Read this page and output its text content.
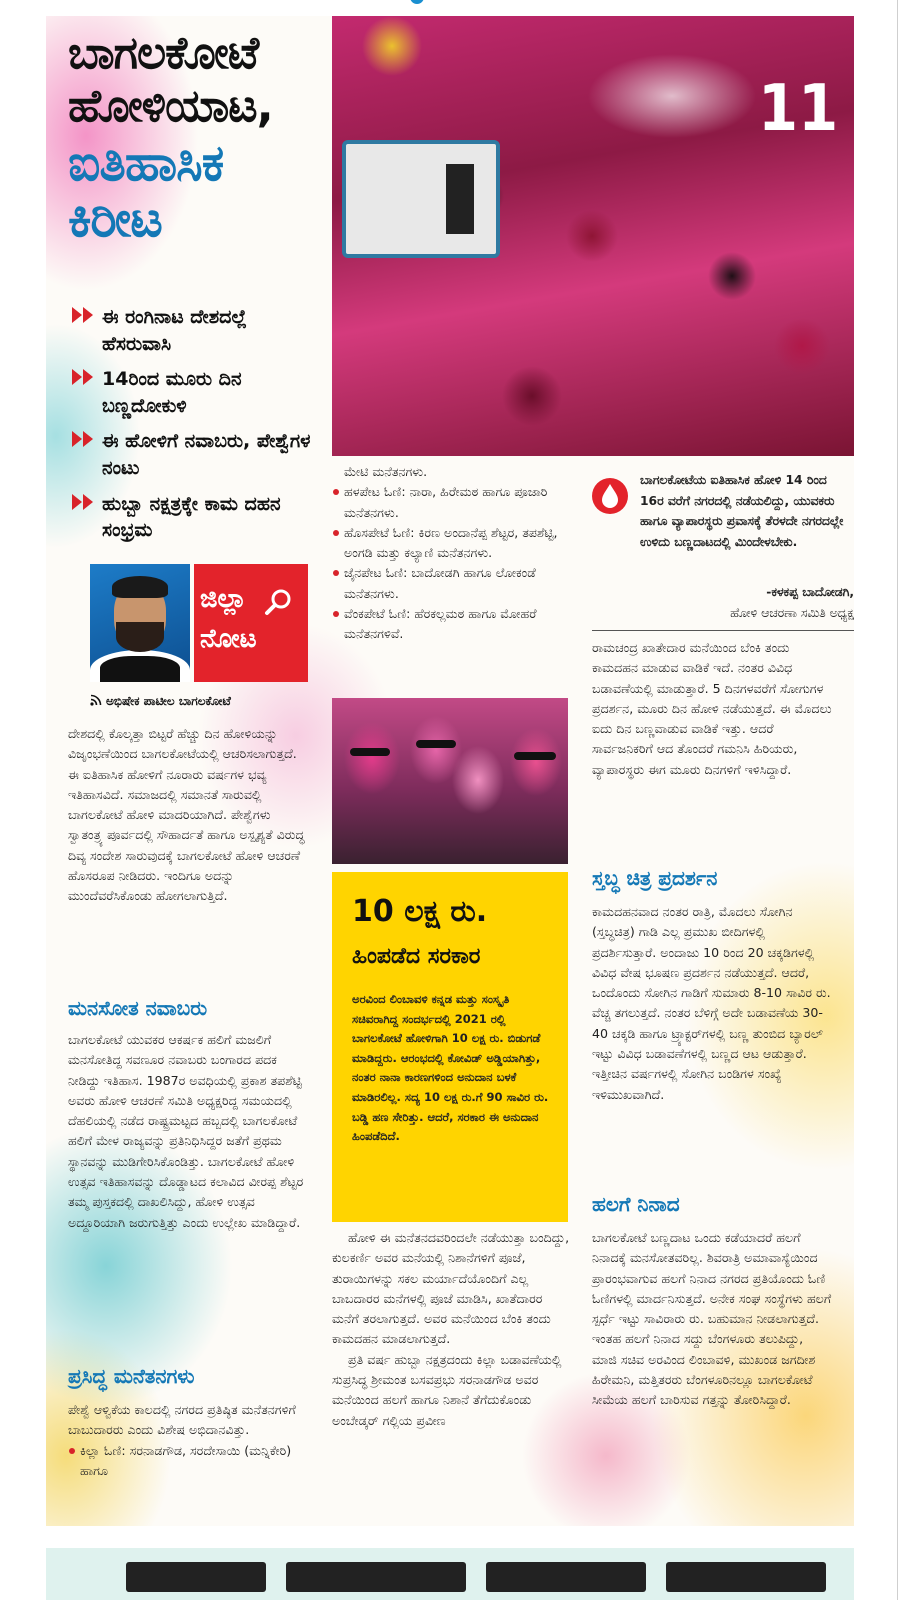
ಬಾಗಲಕೋಟೆ
ಹೋಳಿಯಾಟ,
ಐತಿಹಾಸಿಕ
ಕಿರೀಟ
ಈ ರಂಗಿನಾಟ ದೇಶದಲ್ಲೆ ಹೆಸರುವಾಸಿ
14ರಿಂದ ಮೂರು ದಿನ ಬಣ್ಣದೋಕುಳಿ
ಈ ಹೋಳಿಗೆ ನವಾಬರು, ಪೇಶ್ವೆಗಳ ನಂಟು
ಹುಬ್ಬಾ ನಕ್ಷತ್ರಕ್ಕೇ ಕಾಮ ದಹನ ಸಂಭ್ರಮ
ಜಿಲ್ಲಾ
ನೋಟ
ಅಭಿಷೇಕ ಪಾಟೀಲ ಬಾಗಲಕೋಟೆ

ದೇಶದಲ್ಲಿ ಕೊಲ್ಕತ್ತಾ ಬಿಟ್ಟರೆ ಹೆಚ್ಚು ದಿನ ಹೋಳಿಯನ್ನು ವಿಜೃಂಭಣೆಯಿಂದ ಬಾಗಲಕೋಟೆಯಲ್ಲಿ ಆಚರಿಸಲಾಗುತ್ತದೆ. ಈ ಐತಿಹಾಸಿಕ ಹೋಳಿಗೆ ನೂರಾರು ವರ್ಷಗಳ ಭವ್ಯ ಇತಿಹಾಸವಿದೆ. ಸಮಾಜದಲ್ಲಿ ಸಮಾನತೆ ಸಾರುವಲ್ಲಿ ಬಾಗಲಕೋಟೆ ಹೋಳಿ ಮಾದರಿಯಾಗಿದೆ. ಪೇಶ್ವೆಗಳು ಸ್ವಾತಂತ್ರ್ಯ ಪೂರ್ವದಲ್ಲಿ ಸೌಹಾರ್ದತೆ ಹಾಗೂ ಅಸ್ಪೃಶ್ಯತೆ ವಿರುದ್ಧ ದಿವ್ಯ ಸಂದೇಶ ಸಾರುವುದಕ್ಕೆ ಬಾಗಲಕೋಟೆ ಹೋಳಿ ಆಚರಣೆ ಹೊಸರೂಪ ನೀಡಿದರು. ಇಂದಿಗೂ ಅದನ್ನು ಮುಂದೆವರೆಸಿಕೊಂಡು ಹೋಗಲಾಗುತ್ತಿದೆ.

ಮನಸೋತ ನವಾಬರು

ಬಾಗಲಕೋಟೆ ಯುವಕರ ಆಕರ್ಷಕ ಹಲಿಗೆ ಮಜಲಿಗೆ ಮನಸೋತಿದ್ದ ಸವಣೂರ ನವಾಬರು ಬಂಗಾರದ ಪದಕ ನೀಡಿದ್ದು ಇತಿಹಾಸ. 1987ರ ಅವಧಿಯಲ್ಲಿ ಪ್ರಕಾಶ ತಪಶೆಟ್ಟಿ ಅವರು ಹೋಳಿ ಆಚರಣೆ ಸಮಿತಿ ಅಧ್ಯಕ್ಷರಿದ್ದ ಸಮಯದಲ್ಲಿ ದೆಹಲಿಯಲ್ಲಿ ನಡೆದ ರಾಷ್ಟ್ರಮಟ್ಟದ ಹಬ್ಬದಲ್ಲಿ ಬಾಗಲಕೋಟೆ ಹಲಿಗೆ ಮೇಳ ರಾಜ್ಯವನ್ನು ಪ್ರತಿನಿಧಿಸಿದ್ದರ ಜತೆಗೆ ಪ್ರಥಮ ಸ್ಥಾನವನ್ನು ಮುಡಿಗೇರಿಸಿಕೊಂಡಿತ್ತು. ಬಾಗಲಕೋಟೆ ಹೋಳಿ ಉತ್ಸವ ಇತಿಹಾಸವನ್ನು ದೊಡ್ಡಾಟದ ಕಲಾವಿದ ವೀರಪ್ಪ ಶೆಟ್ಟರ ತಮ್ಮ ಪುಸ್ತಕದಲ್ಲಿ ದಾಖಲಿಸಿದ್ದು, ಹೋಳಿ ಉತ್ಸವ ಅದ್ದೂರಿಯಾಗಿ ಜರುಗುತ್ತಿತ್ತು ಎಂದು ಉಲ್ಲೇಖ ಮಾಡಿದ್ದಾರೆ.

ಪ್ರಸಿದ್ಧ ಮನೆತನಗಳು

ಪೇಶ್ವೆ ಆಳ್ವಿಕೆಯ ಕಾಲದಲ್ಲಿ ನಗರದ ಪ್ರತಿಷ್ಠಿತ ಮನೆತನಗಳಿಗೆ ಬಾಬುದಾರರು ಎಂದು ವಿಶೇಷ ಅಭಿದಾನವಿತ್ತು.

ಕಿಲ್ಲಾ ಓಣಿ: ಸರನಾಡಗೌಡ, ಸರದೇಸಾಯಿ (ಮನ್ನಿಕೇರಿ) ಹಾಗೂ

11

ಮೇಟಿ ಮನೆತನಗಳು.

ಹಳಪೇಟ ಓಣಿ: ನಾರಾ, ಹಿರೇಮಠ ಹಾಗೂ ಪೂಜಾರಿ ಮನೆತನಗಳು.

ಹೊಸಪೇಟೆ ಓಣಿ: ಕಿರಣ ಅಂದಾನೆಪ್ಪ ಶೆಟ್ಟರ, ತಪಶೆಟ್ಟಿ, ಅಂಗಡಿ ಮತ್ತು ಕಲ್ಯಾಣಿ ಮನೆತನಗಳು.

ಜೈನಪೇಟ ಓಣಿ: ಬಾದೋಡಗಿ ಹಾಗೂ ಲೋಕಂಡೆ ಮನೆತನಗಳು.

ವೆಂಕಪೇಟೆ ಓಣಿ: ಹೆರಕಲ್ಲಮಠ ಹಾಗೂ ಮೋಹರೆ ಮನೆತನಗಳಿವೆ.

10 ಲಕ್ಷ ರು.
ಹಿಂಪಡೆದ ಸರಕಾರ

ಅರವಿಂದ ಲಿಂಬಾವಳಿ ಕನ್ನಡ ಮತ್ತು ಸಂಸ್ಕೃತಿ ಸಚಿವರಾಗಿದ್ದ ಸಂದರ್ಭದಲ್ಲಿ 2021 ರಲ್ಲಿ ಬಾಗಲಕೋಟೆ ಹೋಳಿಗಾಗಿ 10 ಲಕ್ಷ ರು. ಬಿಡುಗಡೆ ಮಾಡಿದ್ದರು. ಆರಂಭದಲ್ಲಿ ಕೋವಿಡ್ ಅಡ್ಡಿಯಾಗಿತ್ತು, ನಂತರ ನಾನಾ ಕಾರಣಗಳಿಂದ ಅನುದಾನ ಬಳಕೆ ಮಾಡಿರಲಿಲ್ಲ. ಸದ್ಯ 10 ಲಕ್ಷ ರು.ಗೆ 90 ಸಾವಿರ ರು. ಬಡ್ಡಿ ಹಣ ಸೇರಿತ್ತು. ಆದರೆ, ಸರಕಾರ ಈ ಅನುದಾನ ಹಿಂಪಡೆದಿದೆ.

ಹೋಳಿ ಈ ಮನೆತನದವರಿಂದಲೇ ನಡೆಯುತ್ತಾ ಬಂದಿದ್ದು, ಕುಲಕರ್ಣಿ ಅವರ ಮನೆಯಲ್ಲಿ ನಿಶಾನೆಗಳಿಗೆ ಪೂಜೆ, ತುರಾಯಿಗಳನ್ನು ಸಕಲ ಮರ್ಯಾದೆಯೊಂದಿಗೆ ಎಲ್ಲ ಬಾಬದಾರರ ಮನೆಗಳಲ್ಲಿ ಪೂಜೆ ಮಾಡಿಸಿ, ಖಾತೆದಾರರ ಮನೆಗೆ ತರಲಾಗುತ್ತದೆ. ಅವರ ಮನೆಯಿಂದ ಬೆಂಕಿ ತಂದು ಕಾಮದಹನ ಮಾಡಲಾಗುತ್ತದೆ.

ಪ್ರತಿ ವರ್ಷ ಹುಬ್ಬಾ ನಕ್ಷತ್ರದಂದು ಕಿಲ್ಲಾ ಬಡಾವಣೆಯಲ್ಲಿ ಸುಪ್ರಸಿದ್ಧ ಶ್ರೀಮಂತ ಬಸವಪ್ರಭು ಸರನಾಡಗೌಡ ಅವರ ಮನೆಯಿಂದ ಹಲಗೆ ಹಾಗೂ ನಿಶಾನೆ ತೆಗೆದುಕೊಂಡು ಅಂಬೇಡ್ಕರ್ ಗಲ್ಲಿಯ ಪ್ರವೀಣ

ಬಾಗಲಕೋಟೆಯ ಐತಿಹಾಸಿಕ ಹೋಳಿ 14 ರಿಂದ 16ರ ವರೆಗೆ ನಗರದಲ್ಲಿ ನಡೆಯಲಿದ್ದು, ಯುವಕರು ಹಾಗೂ ವ್ಯಾಪಾರಸ್ಥರು ಪ್ರವಾಸಕ್ಕೆ ತೆರಳದೇ ನಗರದಲ್ಲೇ ಉಳಿದು ಬಣ್ಣದಾಟದಲ್ಲಿ ಮಿಂದೇಳಬೇಕು.
-ಕಳಕಪ್ಪ ಬಾದೋಡಗಿ,
ಹೋಳಿ ಆಚರಣಾ ಸಮಿತಿ ಅಧ್ಯಕ್ಷ

ರಾಮಚಂದ್ರ ಖಾತೇದಾರ ಮನೆಯಿಂದ ಬೆಂಕಿ ತಂದು ಕಾಮದಹನ ಮಾಡುವ ವಾಡಿಕೆ ಇದೆ. ನಂತರ ವಿವಿಧ ಬಡಾವಣೆಯಲ್ಲಿ ಮಾಡುತ್ತಾರೆ. 5 ದಿನಗಳವರೆಗೆ ಸೋಗುಗಳ ಪ್ರದರ್ಶನ, ಮೂರು ದಿನ ಹೋಳಿ ನಡೆಯುತ್ತದೆ. ಈ ಮೊದಲು ಐದು ದಿನ ಬಣ್ಣವಾಡುವ ವಾಡಿಕೆ ಇತ್ತು. ಆದರೆ ಸಾರ್ವಜನಿಕರಿಗೆ ಆದ ತೊಂದರೆ ಗಮನಿಸಿ ಹಿರಿಯರು, ವ್ಯಾಪಾರಸ್ಥರು ಈಗ ಮೂರು ದಿನಗಳಿಗೆ ಇಳಿಸಿದ್ದಾರೆ.

ಸ್ತಬ್ಧ ಚಿತ್ರ ಪ್ರದರ್ಶನ

ಕಾಮದಹನವಾದ ನಂತರ ರಾತ್ರಿ, ಮೊದಲು ಸೋಗಿನ (ಸ್ತಬ್ಧಚಿತ್ರ) ಗಾಡಿ ಎಲ್ಲ ಪ್ರಮುಖ ಬೀದಿಗಳಲ್ಲಿ ಪ್ರದರ್ಶಿಸುತ್ತಾರೆ. ಅಂದಾಜು 10 ರಿಂದ 20 ಚಕ್ಕಡಿಗಳಲ್ಲಿ ವಿವಿಧ ವೇಷ ಭೂಷಣ ಪ್ರದರ್ಶನ ನಡೆಯುತ್ತದೆ. ಆದರೆ, ಒಂದೊಂದು ಸೋಗಿನ ಗಾಡಿಗೆ ಸುಮಾರು 8-10 ಸಾವಿರ ರು. ವೆಚ್ಚ ತಗಲುತ್ತದೆ. ನಂತರ ಬೆಳಿಗ್ಗೆ ಅದೇ ಬಡಾವಣೆಯ 30-40 ಚಕ್ಕಡಿ ಹಾಗೂ ಟ್ರ್ಯಾಕ್ಟರ್‌ಗಳಲ್ಲಿ ಬಣ್ಣ ತುಂಬಿದ ಬ್ಯಾರಲ್ ಇಟ್ಟು ವಿವಿಧ ಬಡಾವಣೆಗಳಲ್ಲಿ ಬಣ್ಣದ ಆಟ ಆಡುತ್ತಾರೆ. ಇತ್ತೀಚಿನ ವರ್ಷಗಳಲ್ಲಿ ಸೋಗಿನ ಬಂಡಿಗಳ ಸಂಖ್ಯೆ ಇಳಿಮುಖವಾಗಿದೆ.

ಹಲಗೆ ನಿನಾದ

ಬಾಗಲಕೋಟೆ ಬಣ್ಣದಾಟ ಒಂದು ಕಡೆಯಾದರೆ ಹಲಗೆ ನಿನಾದಕ್ಕೆ ಮನಸೋತವರಿಲ್ಲ. ಶಿವರಾತ್ರಿ ಅಮಾವಾಸ್ಯೆಯಿಂದ ಪ್ರಾರಂಭವಾಗುವ ಹಲಗೆ ನಿನಾದ ನಗರದ ಪ್ರತಿಯೊಂದು ಓಣಿ ಓಣಿಗಳಲ್ಲಿ ಮಾರ್ದನಿಸುತ್ತದೆ. ಅನೇಕ ಸಂಘ ಸಂಸ್ಥೆಗಳು ಹಲಗೆ ಸ್ಪರ್ಧೆ ಇಟ್ಟು ಸಾವಿರಾರು ರು. ಬಹುಮಾನ ನೀಡಲಾಗುತ್ತದೆ. ಇಂತಹ ಹಲಗೆ ನಿನಾದ ಸದ್ದು ಬೆಂಗಳೂರು ತಲುಪಿದ್ದು, ಮಾಜಿ ಸಚಿವ ಅರವಿಂದ ಲಿಂಬಾವಳಿ, ಮುಖಂಡ ಜಗದೀಶ ಹಿರೇಮನಿ, ಮತ್ತಿತರರು ಬೆಂಗಳೂರಿನಲ್ಲೂ ಬಾಗಲಕೋಟೆ ಸೀಮೆಯ ಹಲಗೆ ಬಾರಿಸುವ ಗತ್ತನ್ನು ತೋರಿಸಿದ್ದಾರೆ.
